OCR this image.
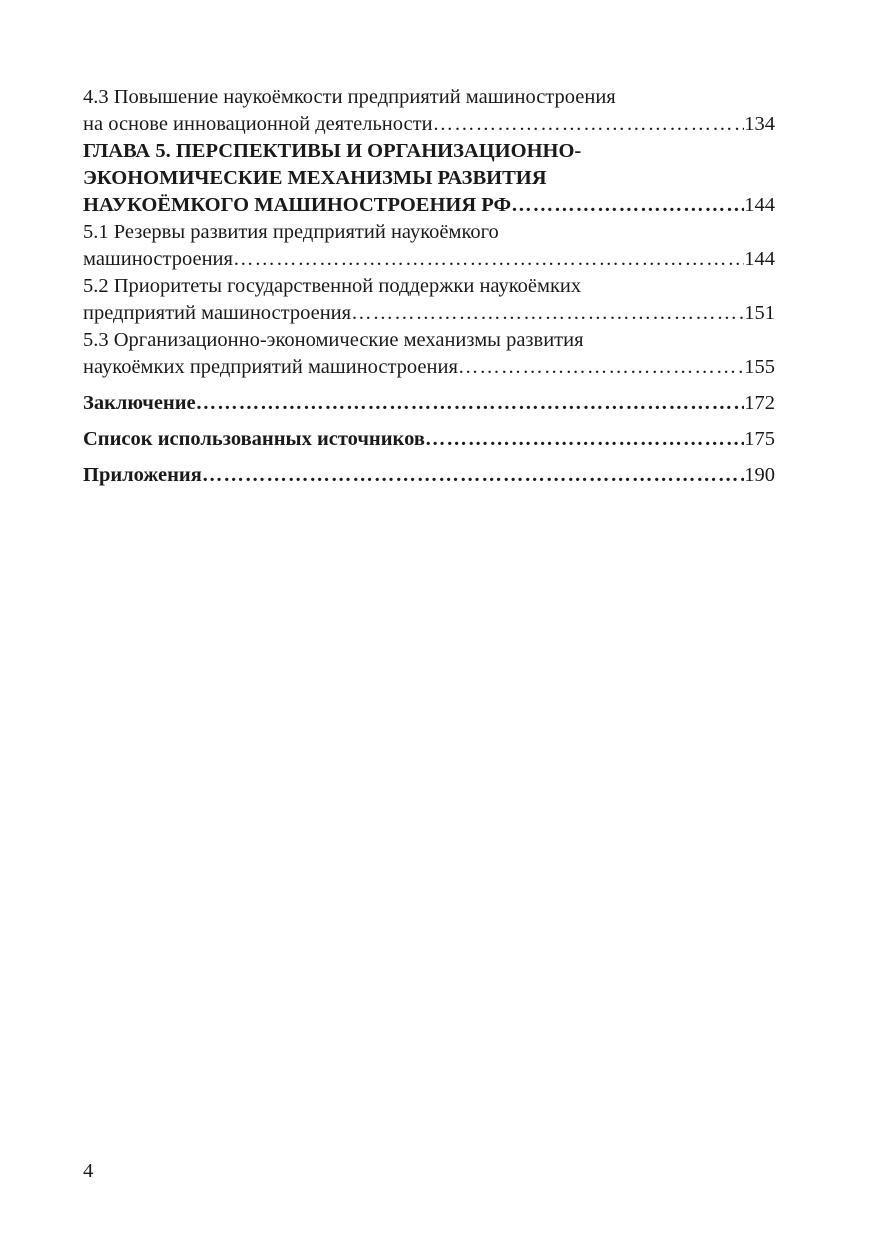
4.3 Повышение наукоёмкости предприятий машиностроения
на основе инновационной деятельности …………………………………………………………………………………………………………………………………………………………………………………	134
ГЛАВА 5. ПЕРСПЕКТИВЫ И ОРГАНИЗАЦИОННО-
ЭКОНОМИЧЕСКИЕ МЕХАНИЗМЫ РАЗВИТИЯ
НАУКОЁМКОГО МАШИНОСТРОЕНИЯ РФ …………………………………………………………………………………………………………………………………………………………………………………	144
5.1 Резервы развития предприятий наукоёмкого
машиностроения …………………………………………………………………………………………………………………………………………………………………………………	144
5.2 Приоритеты государственной поддержки наукоёмких
предприятий машиностроения …………………………………………………………………………………………………………………………………………………………………………………	151
5.3 Организационно-экономические механизмы развития
наукоёмких предприятий машиностроения …………………………………………………………………………………………………………………………………………………………………………………	155
Заключение …………………………………………………………………………………………………………………………………………………………………………………	172
Список использованных источников …………………………………………………………………………………………………………………………………………………………………………………	175
Приложения …………………………………………………………………………………………………………………………………………………………………………………	190
4
